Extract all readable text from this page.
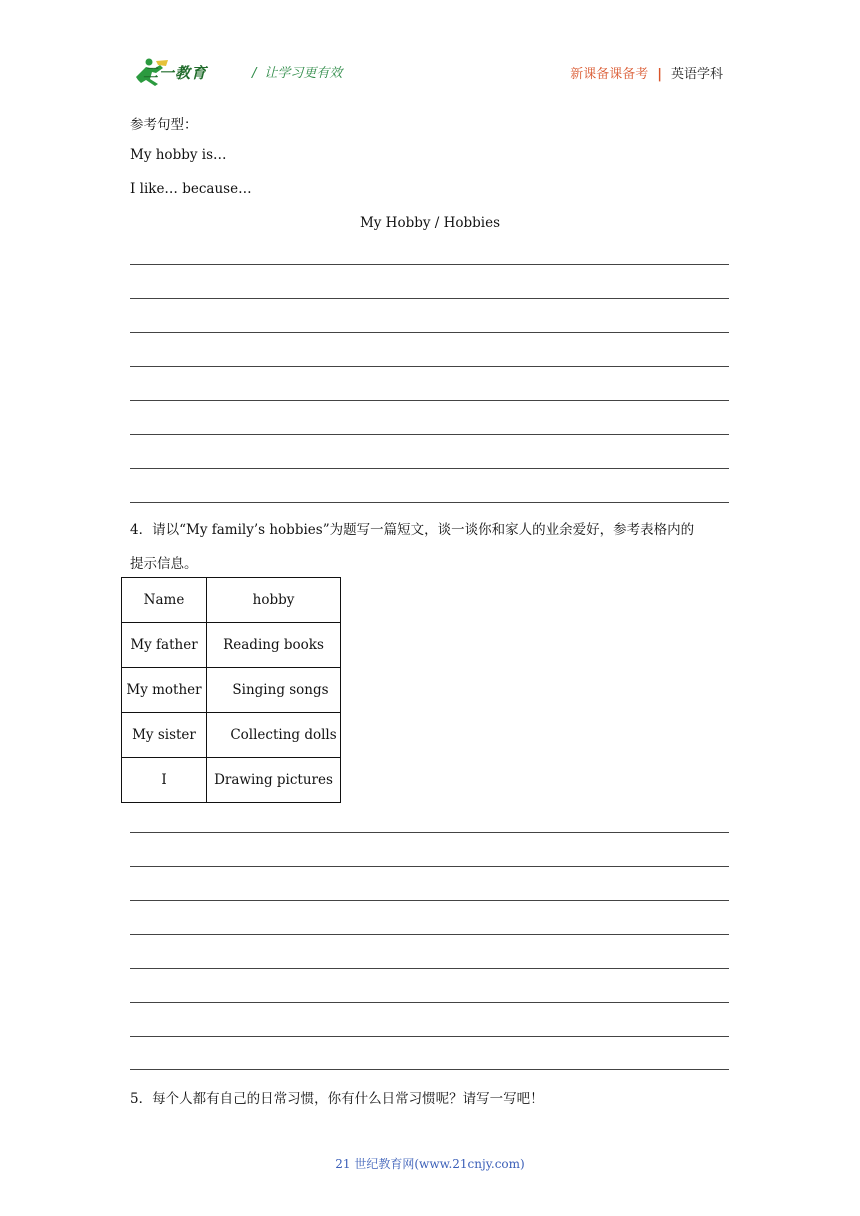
二一教育	/ 让学习更有效	新课备课备考 | 英语学科
参考句型：
My hobby is…
I like… because…
My Hobby / Hobbies
4．请以“My family’s hobbies”为题写一篇短文，谈一谈你和家人的业余爱好，参考表格内的
提示信息。
Name	hobby
My father	Reading books
My mother	Singing songs
My sister	Collecting dolls
I	Drawing pictures
5．每个人都有自己的日常习惯，你有什么日常习惯呢？请写一写吧！
21 世纪教育网(www.21cnjy.com)
